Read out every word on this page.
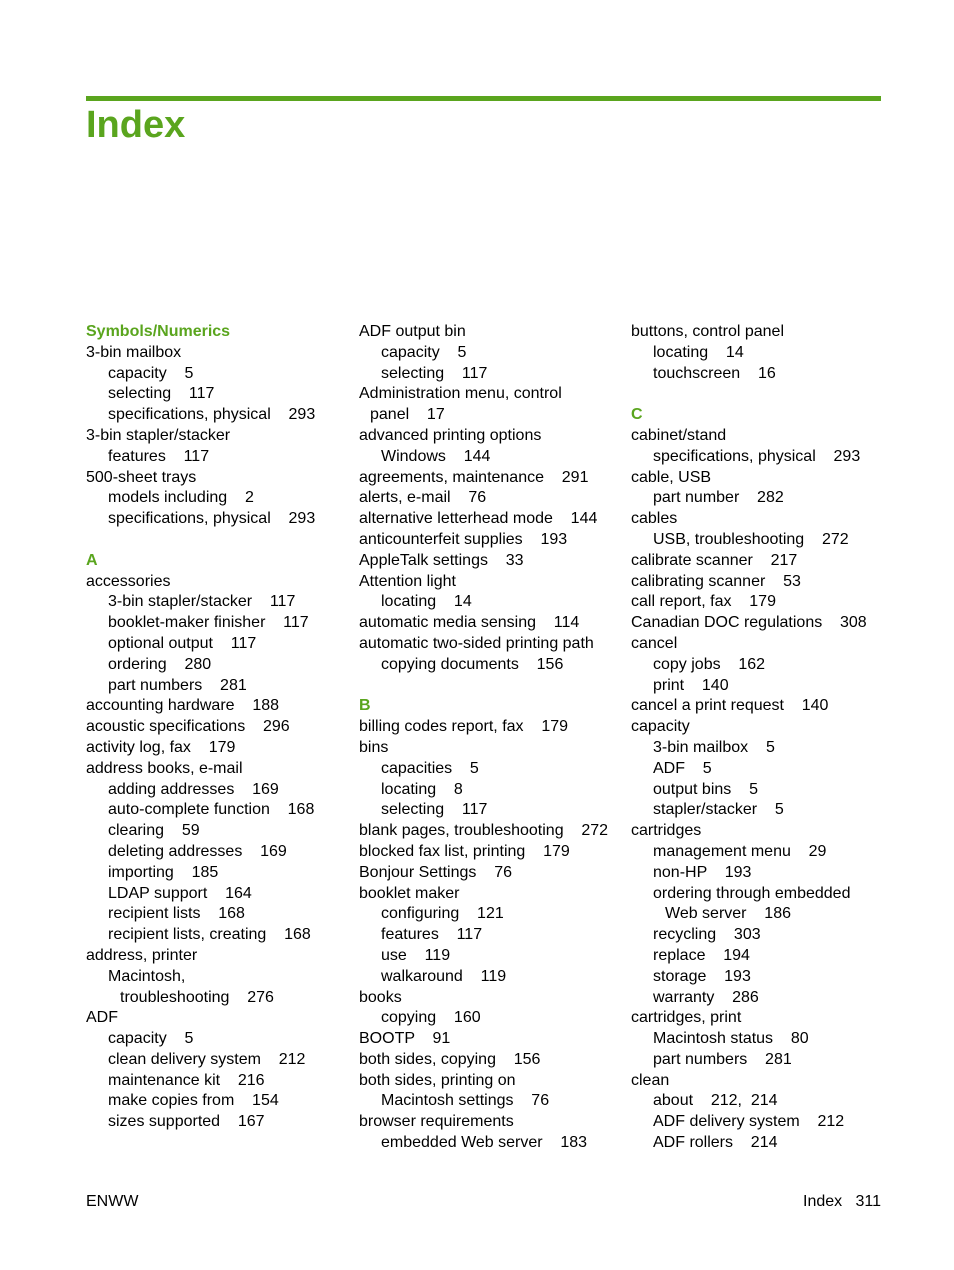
Index
Symbols/Numerics
3-bin mailbox
capacity    5
selecting    117
specifications, physical    293
3-bin stapler/stacker
features    117
500-sheet trays
models including    2
specifications, physical    293
A
accessories
3-bin stapler/stacker    117
booklet-maker finisher    117
optional output    117
ordering    280
part numbers    281
accounting hardware    188
acoustic specifications    296
activity log, fax    179
address books, e-mail
adding addresses    169
auto-complete function    168
clearing    59
deleting addresses    169
importing    185
LDAP support    164
recipient lists    168
recipient lists, creating    168
address, printer
Macintosh,
troubleshooting    276
ADF
capacity    5
clean delivery system    212
maintenance kit    216
make copies from    154
sizes supported    167
ADF output bin
capacity    5
selecting    117
Administration menu, control
panel    17
advanced printing options
Windows    144
agreements, maintenance    291
alerts, e-mail    76
alternative letterhead mode    144
anticounterfeit supplies    193
AppleTalk settings    33
Attention light
locating    14
automatic media sensing    114
automatic two-sided printing path
copying documents    156
B
billing codes report, fax    179
bins
capacities    5
locating    8
selecting    117
blank pages, troubleshooting    272
blocked fax list, printing    179
Bonjour Settings    76
booklet maker
configuring    121
features    117
use    119
walkaround    119
books
copying    160
BOOTP    91
both sides, copying    156
both sides, printing on
Macintosh settings    76
browser requirements
embedded Web server    183
buttons, control panel
locating    14
touchscreen    16
C
cabinet/stand
specifications, physical    293
cable, USB
part number    282
cables
USB, troubleshooting    272
calibrate scanner    217
calibrating scanner    53
call report, fax    179
Canadian DOC regulations    308
cancel
copy jobs    162
print    140
cancel a print request    140
capacity
3-bin mailbox    5
ADF    5
output bins    5
stapler/stacker    5
cartridges
management menu    29
non-HP    193
ordering through embedded
Web server    186
recycling    303
replace    194
storage    193
warranty    286
cartridges, print
Macintosh status    80
part numbers    281
clean
about    212,  214
ADF delivery system    212
ADF rollers    214
ENWW	Index   311
